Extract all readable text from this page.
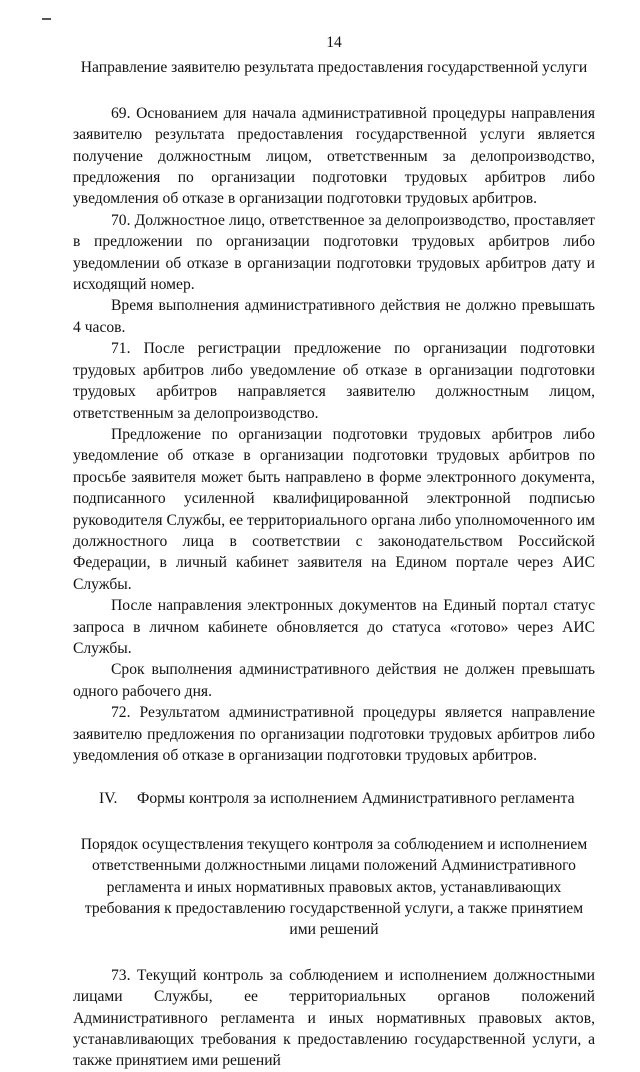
14

Направление заявителю результата предоставления государственной услуги

69. Основанием для начала административной процедуры направления заявителю результата предоставления государственной услуги является получение должностным лицом, ответственным за делопроизводство, предложения по организации подготовки трудовых арбитров либо уведомления об отказе в организации подготовки трудовых арбитров.

70. Должностное лицо, ответственное за делопроизводство, проставляет в предложении по организации подготовки трудовых арбитров либо уведомлении об отказе в организации подготовки трудовых арбитров дату и исходящий номер.

Время выполнения административного действия не должно превышать 4 часов.

71. После регистрации предложение по организации подготовки трудовых арбитров либо уведомление об отказе в организации подготовки трудовых арбитров направляется заявителю должностным лицом, ответственным за делопроизводство.

Предложение по организации подготовки трудовых арбитров либо уведомление об отказе в организации подготовки трудовых арбитров по просьбе заявителя может быть направлено в форме электронного документа, подписанного усиленной квалифицированной электронной подписью руководителя Службы, ее территориального органа либо уполномоченного им должностного лица в соответствии с законодательством Российской Федерации, в личный кабинет заявителя на Едином портале через АИС Службы.

После направления электронных документов на Единый портал статус запроса в личном кабинете обновляется до статуса «готово» через АИС Службы.

Срок выполнения административного действия не должен превышать одного рабочего дня.

72. Результатом административной процедуры является направление заявителю предложения по организации подготовки трудовых арбитров либо уведомления об отказе в организации подготовки трудовых арбитров.

IV.	Формы контроля за исполнением Административного регламента

Порядок осуществления текущего контроля за соблюдением и исполнением ответственными должностными лицами положений Административного регламента и иных нормативных правовых актов, устанавливающих требования к предоставлению государственной услуги, а также принятием ими решений

73. Текущий контроль за соблюдением и исполнением должностными лицами Службы, ее территориальных органов положений Административного регламента и иных нормативных правовых актов, устанавливающих требования к предоставлению государственной услуги, а также принятием ими решений
